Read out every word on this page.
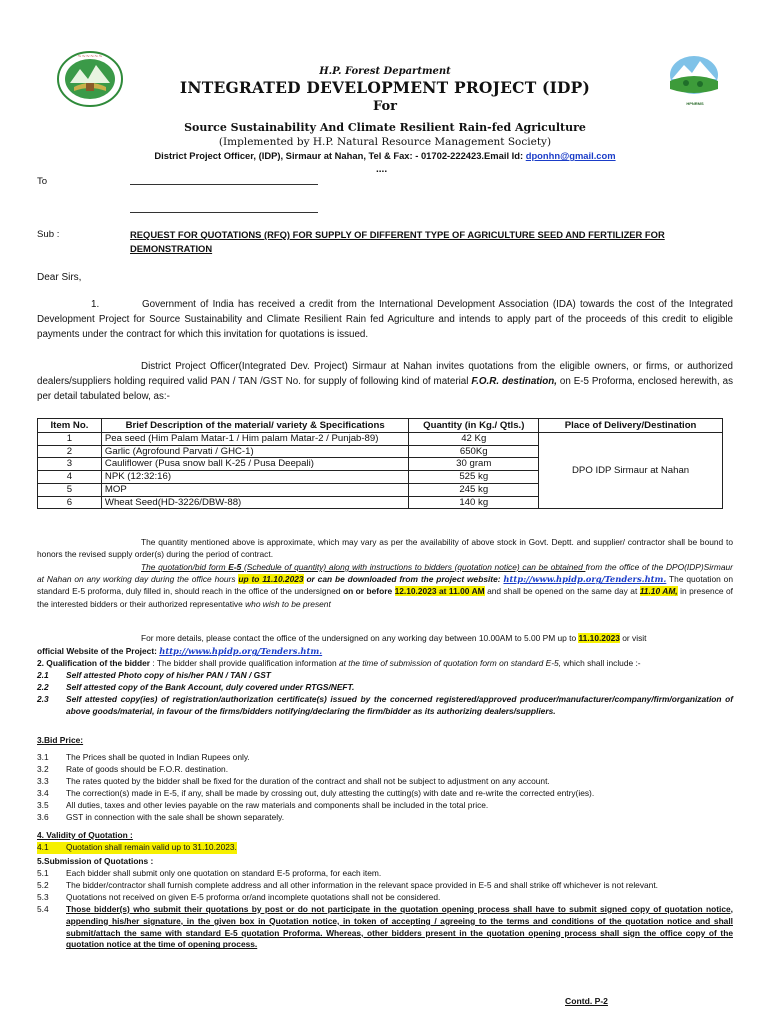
~~~~~~
HPNRMS
H.P. Forest Department
INTEGRATED DEVELOPMENT PROJECT (IDP)
For
Source Sustainability And Climate Resilient Rain-fed Agriculture
(Implemented by H.P. Natural Resource Management Society)
District Project Officer, (IDP), Sirmaur at Nahan, Tel & Fax: - 01702-222423.Email Id: dponhn@gmail.com
....
To
Sub :	REQUEST FOR QUOTATIONS (RFQ) FOR SUPPLY OF DIFFERENT TYPE OF AGRICULTURE SEED AND FERTILIZER FOR DEMONSTRATION
Dear Sirs,
1.	Government of India has received a credit from the International Development Association (IDA) towards the cost of the Integrated Development Project for Source Sustainability and Climate Resilient Rain fed Agriculture and intends to apply part of the proceeds of this credit to eligible payments under the contract for which this invitation for quotations is issued.
District Project Officer(Integrated Dev. Project) Sirmaur at Nahan invites quotations from the eligible owners, or firms, or authorized dealers/suppliers holding required valid PAN / TAN /GST No. for supply of following kind of material F.O.R. destination, on E-5 Proforma, enclosed herewith, as per detail tabulated below, as:-
Item No.	Brief Description of the material/ variety & Specifications	Quantity (in Kg./ Qtls.)	Place of Delivery/Destination
1	Pea seed (Him Palam Matar-1 / Him palam Matar-2 / Punjab-89)	42 Kg	DPO IDP Sirmaur at Nahan
2	Garlic (Agrofound Parvati / GHC-1)	650Kg	
3	Cauliflower (Pusa snow ball K-25 / Pusa Deepali)	30 gram	
4	NPK (12:32:16)	525 kg	
5	MOP	245 kg	
6	Wheat Seed(HD-3226/DBW-88)	140 kg	
The quantity mentioned above is approximate, which may vary as per the availability of above stock in Govt. Deptt. and supplier/ contractor shall be bound to honors the revised supply order(s) during the period of contract.
The quotation/bid form E-5 (Schedule of quantity) along with instructions to bidders (quotation notice) can be obtained from the office of the DPO(IDP)Sirmaur at Nahan on any working day during the office hours up to 11.10.2023 or can be downloaded from the project website: http://www.hpidp.org/Tenders.htm. The quotation on standard E-5 proforma, duly filled in, should reach in the office of the undersigned on or before 12.10.2023 at 11.00 AM and shall be opened on the same day at 11.10 AM, in presence of the interested bidders or their authorized representative who wish to be present
For more details, please contact the office of the undersigned on any working day between 10.00AM to 5.00 PM up to 11.10.2023 or visit
official Website of the Project: http://www.hpidp.org/Tenders.htm.
2. Qualification of the bidder : The bidder shall provide qualification information at the time of submission of quotation form on standard E-5, which shall include :-
2.1	Self attested Photo copy of his/her PAN / TAN / GST
2.2	Self attested copy of the Bank Account, duly covered under RTGS/NEFT.
2.3	Self attested copy(ies) of registration/authorization certificate(s) issued by the concerned registered/approved producer/manufacturer/company/firm/organization of above goods/material, in favour of the firms/bidders notifying/declaring the firm/bidder as its authorizing dealers/suppliers.
3.Bid Price:
3.1	The Prices shall be quoted in Indian Rupees only.
3.2	Rate of goods should be F.O.R. destination.
3.3	The rates quoted by the bidder shall be fixed for the duration of the contract and shall not be subject to adjustment on any account.
3.4	The correction(s) made in E-5, if any, shall be made by crossing out, duly attesting the cutting(s) with date and re-write the corrected entry(ies).
3.5	All duties, taxes and other levies payable on the raw materials and components shall be included in the total price.
3.6	GST in connection with the sale shall be shown separately.
4. Validity of Quotation :
4.1	Quotation shall remain valid up to 31.10.2023.
5.Submission of Quotations :
5.1	Each bidder shall submit only one quotation on standard E-5 proforma, for each item.
5.2	The bidder/contractor shall furnish complete address and all other information in the relevant space provided in E-5 and shall strike off whichever is not relevant.
5.3	Quotations not received on given E-5 proforma or/and incomplete quotations shall not be considered.
5.4	Those bidder(s) who submit their quotations by post or do not participate in the quotation opening process shall have to submit signed copy of quotation notice, appending his/her signature, in the given box in Quotation notice, in token of accepting / agreeing to the terms and conditions of the quotation notice and shall submit/attach the same with standard E-5 quotation Proforma. Whereas, other bidders present in the quotation opening process shall sign the office copy of the quotation notice at the time of opening process.
Contd. P-2
